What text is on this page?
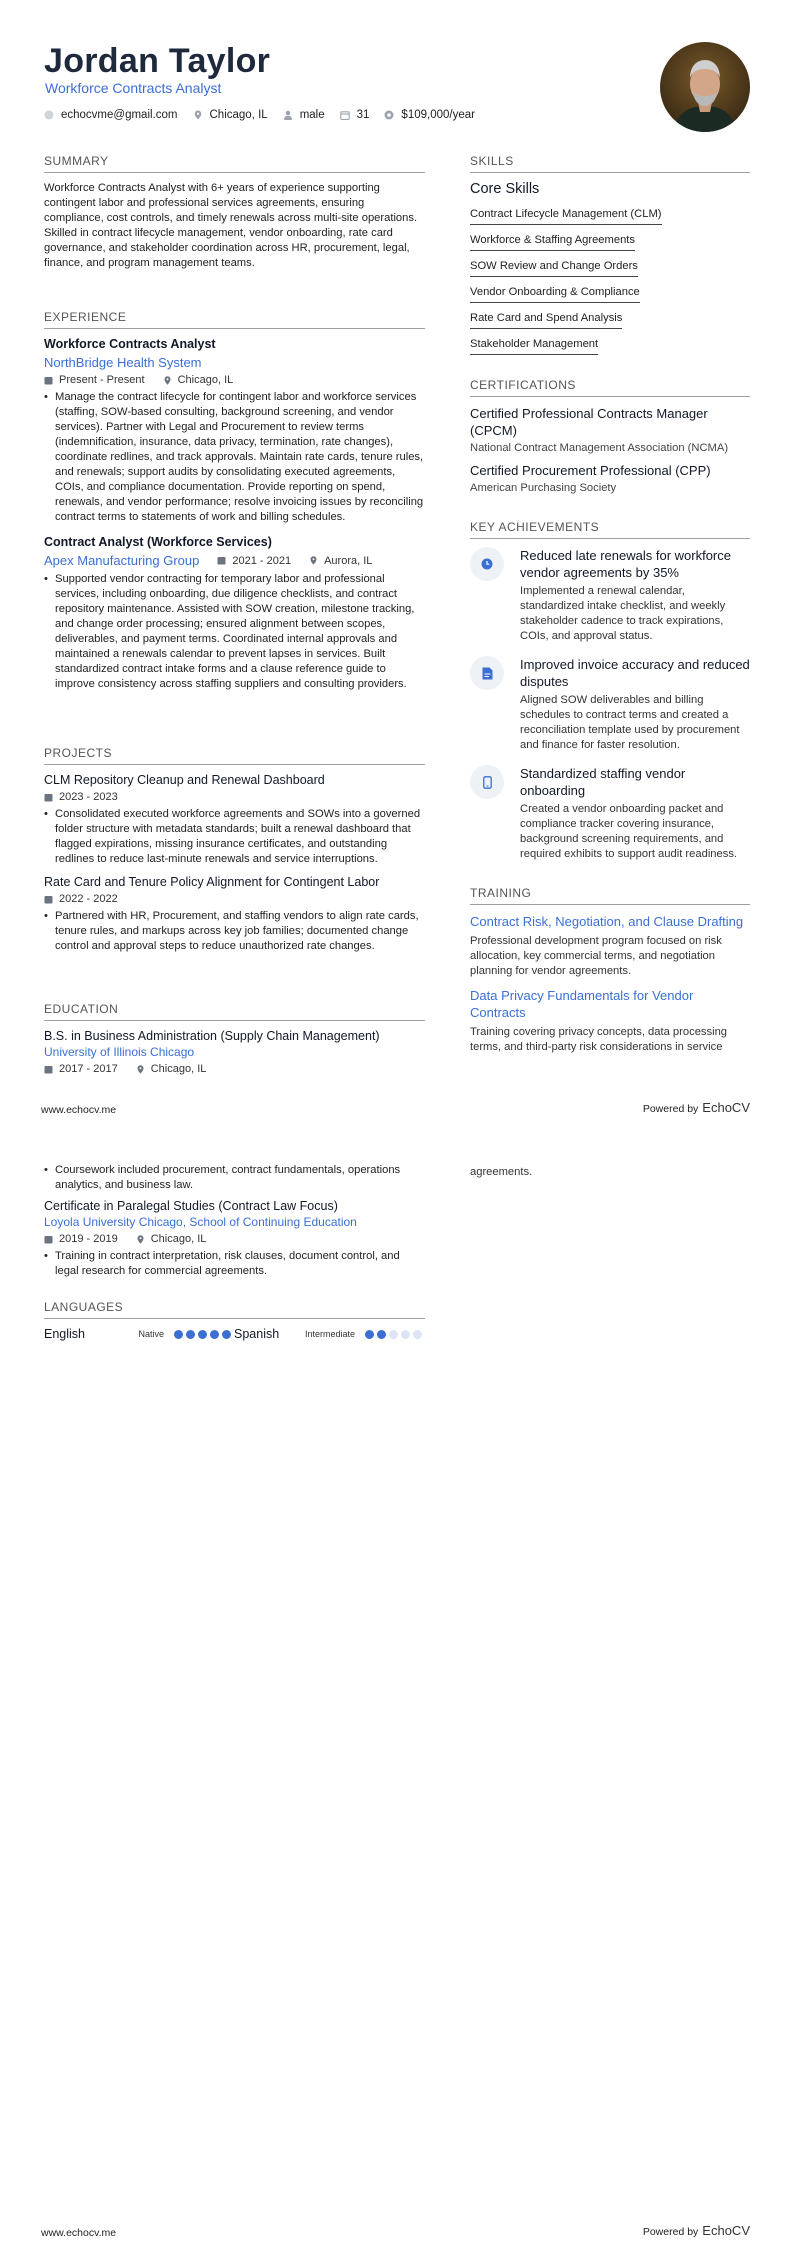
Jordan Taylor
Workforce Contracts Analyst
echocvme@gmail.com	Chicago, IL	male	31	$109,000/year
SUMMARY
Workforce Contracts Analyst with 6+ years of experience supporting contingent labor and professional services agreements, ensuring compliance, cost controls, and timely renewals across multi-site operations.
Skilled in contract lifecycle management, vendor onboarding, rate card governance, and stakeholder coordination across HR, procurement, legal, finance, and program management teams.
EXPERIENCE
Workforce Contracts Analyst
NorthBridge Health System
Present - Present	Chicago, IL
• Manage the contract lifecycle for contingent labor and workforce services (staffing, SOW-based consulting, background screening, and vendor services). Partner with Legal and Procurement to review terms (indemnification, insurance, data privacy, termination, rate changes), coordinate redlines, and track approvals. Maintain rate cards, tenure rules, and renewals; support audits by consolidating executed agreements, COIs, and compliance documentation. Provide reporting on spend, renewals, and vendor performance; resolve invoicing issues by reconciling contract terms to statements of work and billing schedules.
Contract Analyst (Workforce Services)
Apex Manufacturing Group	2021 - 2021	Aurora, IL
• Supported vendor contracting for temporary labor and professional services, including onboarding, due diligence checklists, and contract repository maintenance. Assisted with SOW creation, milestone tracking, and change order processing; ensured alignment between scopes, deliverables, and payment terms. Coordinated internal approvals and maintained a renewals calendar to prevent lapses in services. Built standardized contract intake forms and a clause reference guide to improve consistency across staffing suppliers and consulting providers.
PROJECTS
CLM Repository Cleanup and Renewal Dashboard
2023 - 2023
• Consolidated executed workforce agreements and SOWs into a governed folder structure with metadata standards; built a renewal dashboard that flagged expirations, missing insurance certificates, and outstanding redlines to reduce last-minute renewals and service interruptions.
Rate Card and Tenure Policy Alignment for Contingent Labor
2022 - 2022
• Partnered with HR, Procurement, and staffing vendors to align rate cards, tenure rules, and markups across key job families; documented change control and approval steps to reduce unauthorized rate changes.
EDUCATION
B.S. in Business Administration (Supply Chain Management)
University of Illinois Chicago
2017 - 2017	Chicago, IL
SKILLS
Core Skills
Contract Lifecycle Management (CLM)
Workforce & Staffing Agreements
SOW Review and Change Orders
Vendor Onboarding & Compliance
Rate Card and Spend Analysis
Stakeholder Management
CERTIFICATIONS
Certified Professional Contracts Manager (CPCM)
National Contract Management Association (NCMA)
Certified Procurement Professional (CPP)
American Purchasing Society
KEY ACHIEVEMENTS
Reduced late renewals for workforce vendor agreements by 35%
Implemented a renewal calendar, standardized intake checklist, and weekly stakeholder cadence to track expirations, COIs, and approval status.
Improved invoice accuracy and reduced disputes
Aligned SOW deliverables and billing schedules to contract terms and created a reconciliation template used by procurement and finance for faster resolution.
Standardized staffing vendor onboarding
Created a vendor onboarding packet and compliance tracker covering insurance, background screening requirements, and required exhibits to support audit readiness.
TRAINING
Contract Risk, Negotiation, and Clause Drafting
Professional development program focused on risk allocation, key commercial terms, and negotiation planning for vendor agreements.
Data Privacy Fundamentals for Vendor Contracts
Training covering privacy concepts, data processing terms, and third-party risk considerations in service
www.echocv.me	Powered by EchoCV
• Coursework included procurement, contract fundamentals, operations analytics, and business law.
Certificate in Paralegal Studies (Contract Law Focus)
Loyola University Chicago, School of Continuing Education
2019 - 2019	Chicago, IL
• Training in contract interpretation, risk clauses, document control, and legal research for commercial agreements.
LANGUAGES
English	Native	Spanish	Intermediate
agreements.
www.echocv.me	Powered by EchoCV
